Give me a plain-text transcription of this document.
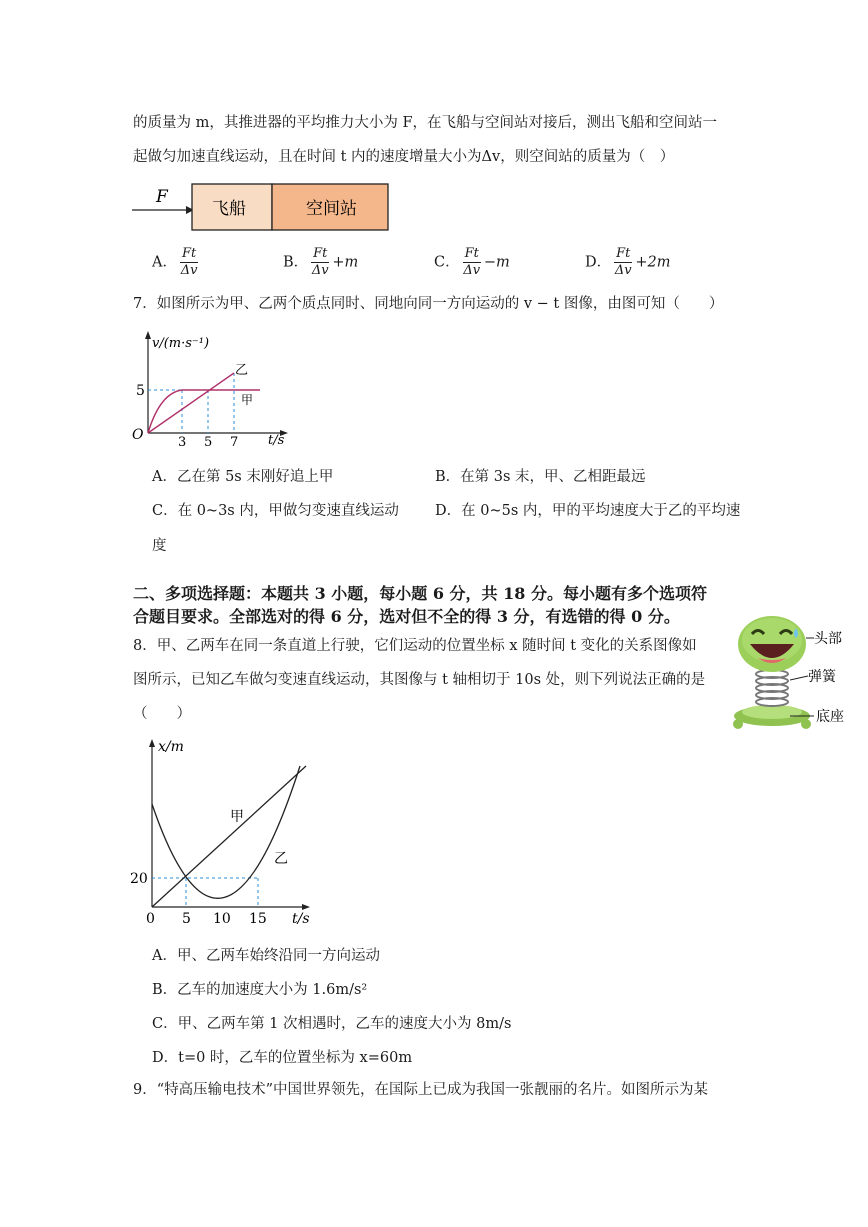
的质量为 m，其推进器的平均推力大小为 F，在飞船与空间站对接后，测出飞船和空间站一
起做匀加速直线运动，且在时间 t 内的速度增量大小为Δv，则空间站的质量为（　）
F
飞船	空间站
A． $\frac{Ft}{\Delta v}$	B． $\frac{Ft}{\Delta v} +m$	C． $\frac{Ft}{\Delta v} -m$	D． $\frac{Ft}{\Delta v} +2m$
7．如图所示为甲、乙两个质点同时、同地向同一方向运动的 v − t 图像，由图可知（　　）
v/(m·s⁻¹)
5
O	3 5 7 t/s
乙
甲
A．乙在第 5s 末刚好追上甲	B．在第 3s 末，甲、乙相距最远
C．在 0~3s 内，甲做匀变速直线运动 D．在 0~5s 内，甲的平均速度大于乙的平均速
度
二、多项选择题：本题共 3 小题，每小题 6 分，共 18 分。每小题有多个选项符
合题目要求。全部选对的得 6 分，选对但不全的得 3 分，有选错的得 0 分。
头部
弹簧
底座
8．甲、乙两车在同一条直道上行驶，它们运动的位置坐标 x 随时间 t 变化的关系图像如
图所示，已知乙车做匀变速直线运动，其图像与 t 轴相切于 10s 处，则下列说法正确的是
（　　）
x/m
20
0 5 10 15 t/s
甲
乙
A．甲、乙两车始终沿同一方向运动
B．乙车的加速度大小为 1.6m/s²
C．甲、乙两车第 1 次相遇时，乙车的速度大小为 8m/s
D．t=0 时，乙车的位置坐标为 x=60m
9．“特高压输电技术”中国世界领先，在国际上已成为我国一张靓丽的名片。如图所示为某
